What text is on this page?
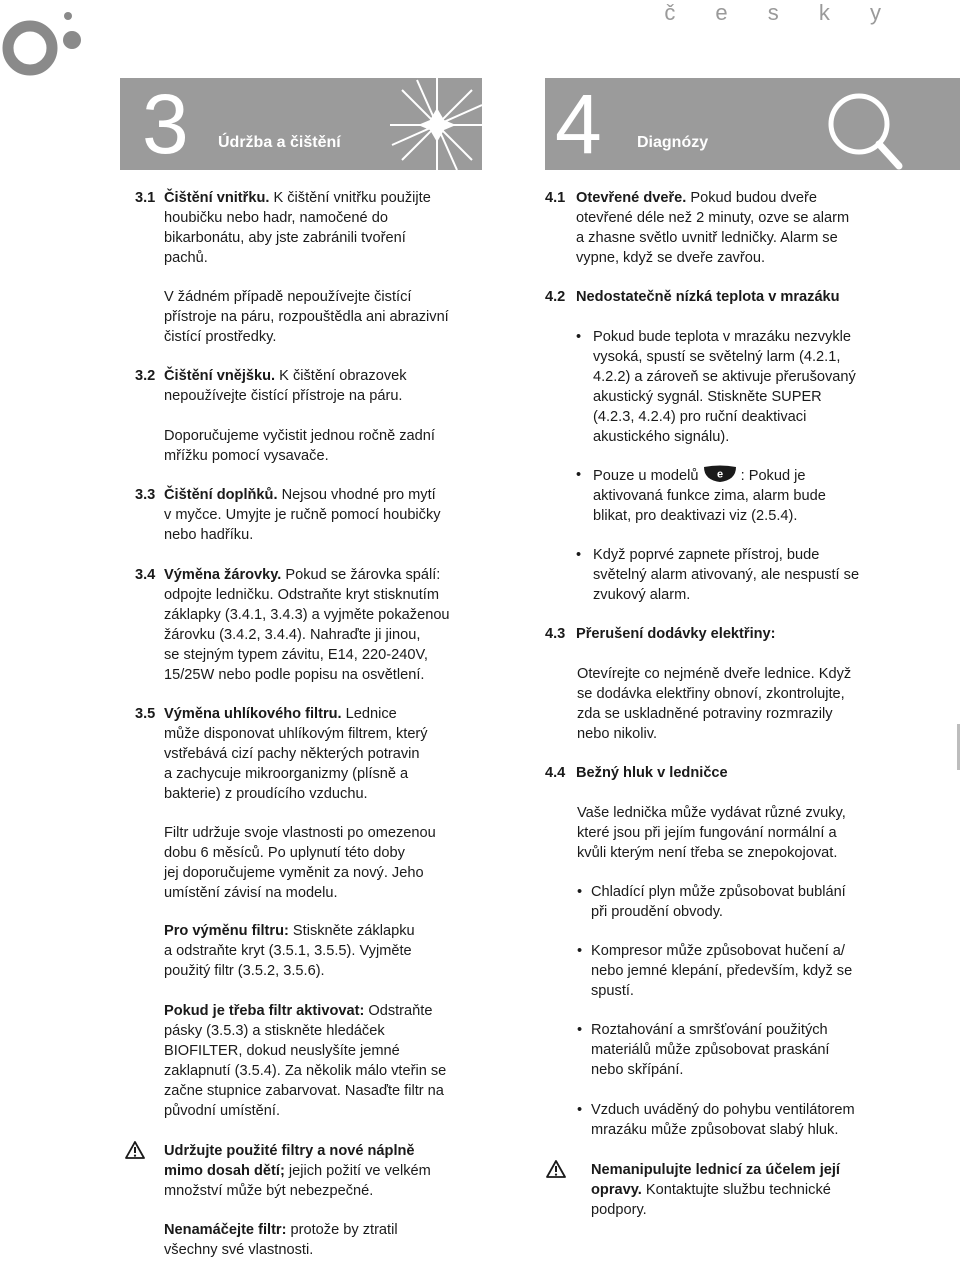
č e s k y
3 Údržba a čištění	4 Diagnózy
3.1 Čištění vnitřku. K čištění vnitřku použijte

houbičku nebo hadr, namočené do

bikarbonátu, aby jste zabránili tvoření

pachů.

V žádném případě nepoužívejte čistící

přístroje na páru, rozpouštědla ani abrazivní

čistící prostředky.

3.2 Čištění vnějšku. K čištění obrazovek

nepoužívejte čistící přístroje na páru.

Doporučujeme vyčistit jednou ročně zadní

mřížku pomocí vysavače.

3.3 Čištění doplňků. Nejsou vhodné pro mytí

v myčce. Umyjte je ručně pomocí houbičky

nebo hadříku.

3.4 Výměna žárovky. Pokud se žárovka spálí:

odpojte ledničku. Odstraňte kryt stisknutím

záklapky (3.4.1, 3.4.3) a vyjměte pokaženou

žárovku (3.4.2, 3.4.4). Nahraďte ji jinou,

se stejným typem závitu, E14, 220-240V,

15/25W nebo podle popisu na osvětlení.

3.5 Výměna uhlíkového filtru. Lednice

může disponovat uhlíkovým filtrem, který

vstřebává cizí pachy některých potravin

a zachycuje mikroorganizmy (plísně a

bakterie) z proudícího vzduchu.

Filtr udržuje svoje vlastnosti po omezenou

dobu 6 měsíců. Po uplynutí této doby

jej doporučujeme vyměnit za nový. Jeho

umístění závisí na modelu.

Pro výměnu filtru: Stiskněte záklapku

a odstraňte kryt (3.5.1, 3.5.5). Vyjměte

použitý filtr (3.5.2, 3.5.6).

Pokud je třeba filtr aktivovat: Odstraňte

pásky (3.5.3) a stiskněte hledáček

BIOFILTER, dokud neuslyšíte jemné

zaklapnutí (3.5.4). Za několik málo vteřin se

začne stupnice zabarvovat. Nasaďte filtr na

původní umístění.

Udržujte použité filtry a nové náplně

mimo dosah dětí; jejich požití ve velkém

množství může být nebezpečné.

Nenamáčejte filtr: protože by ztratil

všechny své vlastnosti.

4.1 Otevřené dveře. Pokud budou dveře

otevřené déle než 2 minuty, ozve se alarm

a zhasne světlo uvnitř ledničky. Alarm se

vypne, když se dveře zavřou.

4.2 Nedostatečně nízká teplota v mrazáku

• Pokud bude teplota v mrazáku nezvykle

vysoká, spustí se světelný larm (4.2.1,

4.2.2) a zároveň se aktivuje přerušovaný

akustický sygnál. Stiskněte SUPER

(4.2.3, 4.2.4) pro ruční deaktivaci

akustického signálu).

• Pouze u modelů e : Pokud je

aktivovaná funkce zima, alarm bude

blikat, pro deaktivazi viz (2.5.4).

• Když poprvé zapnete přístroj, bude

světelný alarm ativovaný, ale nespustí se

zvukový alarm.

4.3 Přerušení dodávky elektřiny:

Otevírejte co nejméně dveře lednice. Když

se dodávka elektřiny obnoví, zkontrolujte,

zda se uskladněné potraviny rozmrazily

nebo nikoliv.

4.4 Bežný hluk v ledničce

Vaše lednička může vydávat různé zvuky,

které jsou při jejím fungování normální a

kvůli kterým není třeba se znepokojovat.

• Chladící plyn může způsobovat bublání

při proudění obvody.

• Kompresor může způsobovat hučení a/

nebo jemné klepání, především, když se

spustí.

• Roztahování a smršťování použitých

materiálů může způsobovat praskání

nebo skřípání.

• Vzduch uváděný do pohybu ventilátorem

mrazáku může způsobovat slabý hluk.

Nemanipulujte lednicí za účelem její

opravy. Kontaktujte službu technické

podpory.
